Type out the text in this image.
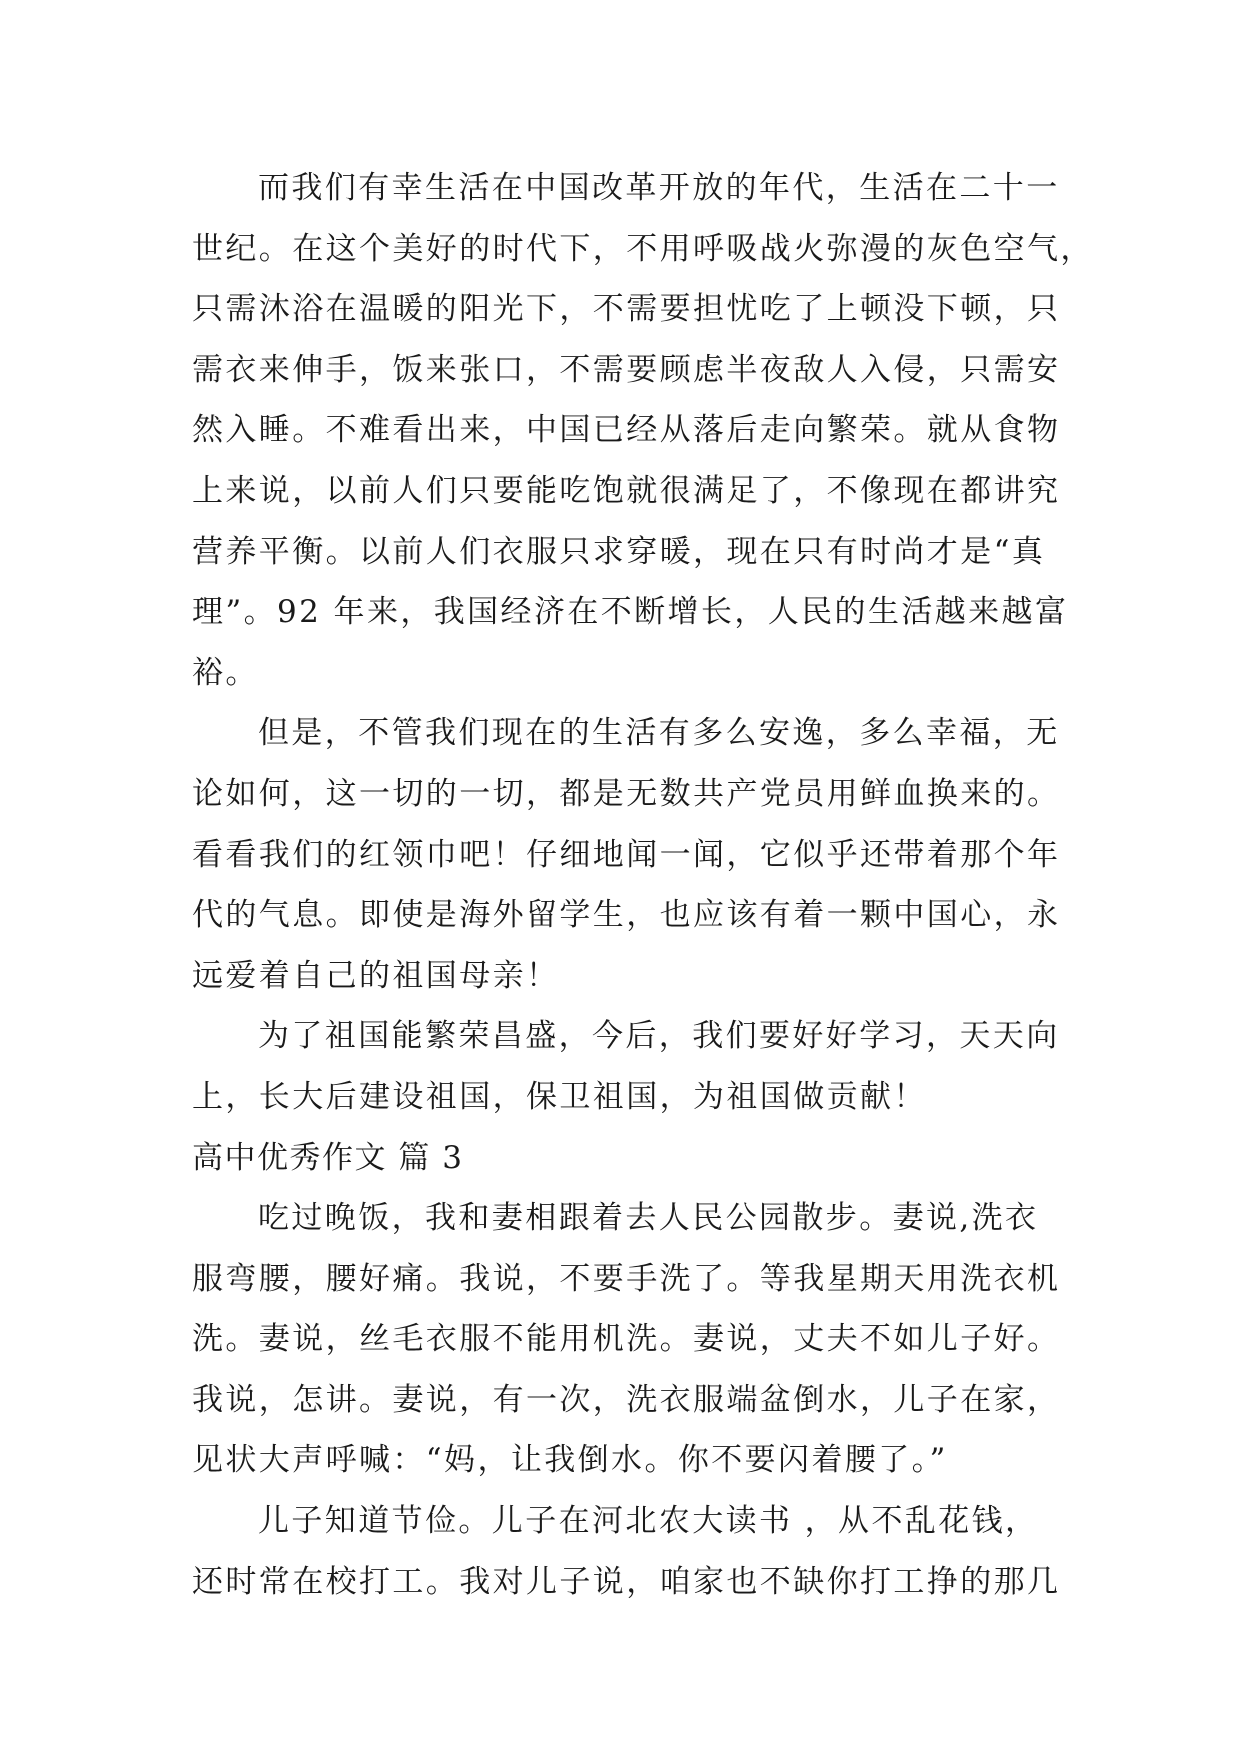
而我们有幸生活在中国改革开放的年代，生活在二十一
世纪。在这个美好的时代下，不用呼吸战火弥漫的灰色空气，
只需沐浴在温暖的阳光下，不需要担忧吃了上顿没下顿，只
需衣来伸手，饭来张口，不需要顾虑半夜敌人入侵，只需安
然入睡。不难看出来，中国已经从落后走向繁荣。就从食物
上来说，以前人们只要能吃饱就很满足了，不像现在都讲究
营养平衡。以前人们衣服只求穿暖，现在只有时尚才是“真
理”。92 年来，我国经济在不断增长，人民的生活越来越富
裕。
但是，不管我们现在的生活有多么安逸，多么幸福，无
论如何，这一切的一切，都是无数共产党员用鲜血换来的。
看看我们的红领巾吧！仔细地闻一闻，它似乎还带着那个年
代的气息。即使是海外留学生，也应该有着一颗中国心，永
远爱着自己的祖国母亲！
为了祖国能繁荣昌盛，今后，我们要好好学习，天天向
上，长大后建设祖国，保卫祖国，为祖国做贡献！
高中优秀作文 篇 3
吃过晚饭，我和妻相跟着去人民公园散步。妻说,洗衣
服弯腰，腰好痛。我说，不要手洗了。等我星期天用洗衣机
洗。妻说，丝毛衣服不能用机洗。妻说，丈夫不如儿子好。
我说，怎讲。妻说，有一次，洗衣服端盆倒水，儿子在家，
见状大声呼喊：“妈，让我倒水。你不要闪着腰了。”
儿子知道节俭。儿子在河北农大读书 ，从不乱花钱，
还时常在校打工。我对儿子说，咱家也不缺你打工挣的那几
